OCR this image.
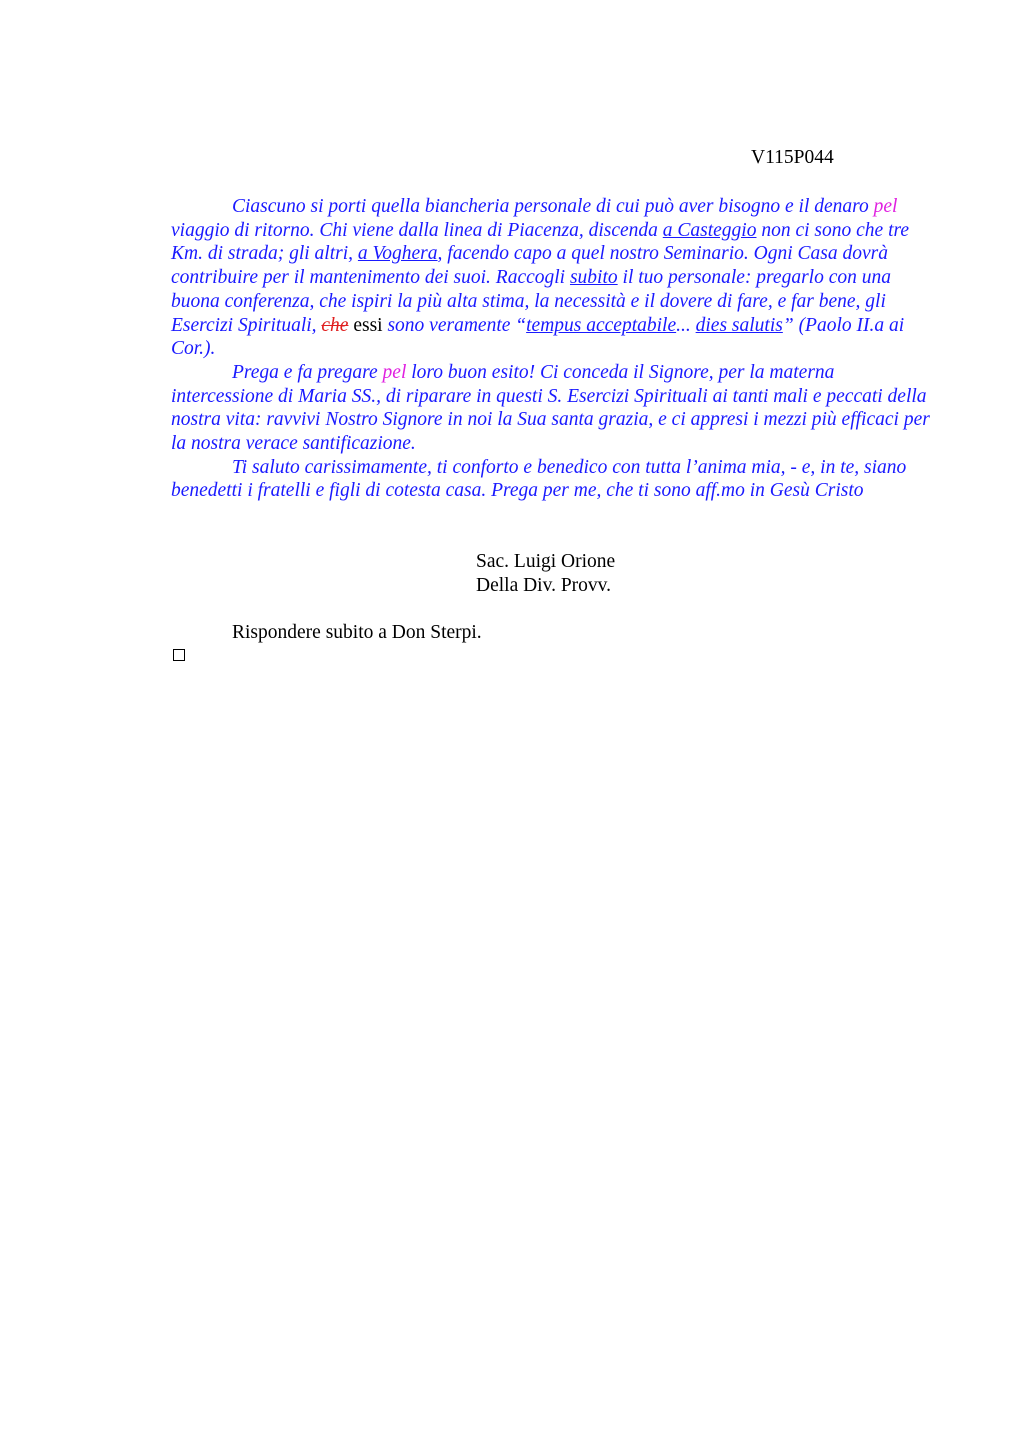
V115P044

Ciascuno si porti quella biancheria personale di cui può aver bisogno e il denaro pel viaggio di ritorno. Chi viene dalla linea di Piacenza, discenda a Casteggio non ci sono che tre Km. di strada; gli altri, a Voghera, facendo capo a quel nostro Seminario. Ogni Casa dovrà contribuire per il mantenimento dei suoi. Raccogli subito il tuo personale: pregarlo con una buona conferenza, che ispiri la più alta stima, la necessità e il dovere di fare, e far bene, gli Esercizi Spirituali, che essi sono veramente “tempus acceptabile... dies salutis” (Paolo II.a ai Cor.).

Prega e fa pregare pel loro buon esito! Ci conceda il Signore, per la materna intercessione di Maria SS., di riparare in questi S. Esercizi Spirituali ai tanti mali e peccati della nostra vita: ravvivi Nostro Signore in noi la Sua santa grazia, e ci appresi i mezzi più efficaci per la nostra verace santificazione.

Ti saluto carissimamente, ti conforto e benedico con tutta l’anima mia, - e, in te, siano benedetti i fratelli e figli di cotesta casa. Prega per me, che ti sono aff.mo in Gesù Cristo

Sac. Luigi Orione
Della Div. Provv.
Rispondere subito a Don Sterpi.
